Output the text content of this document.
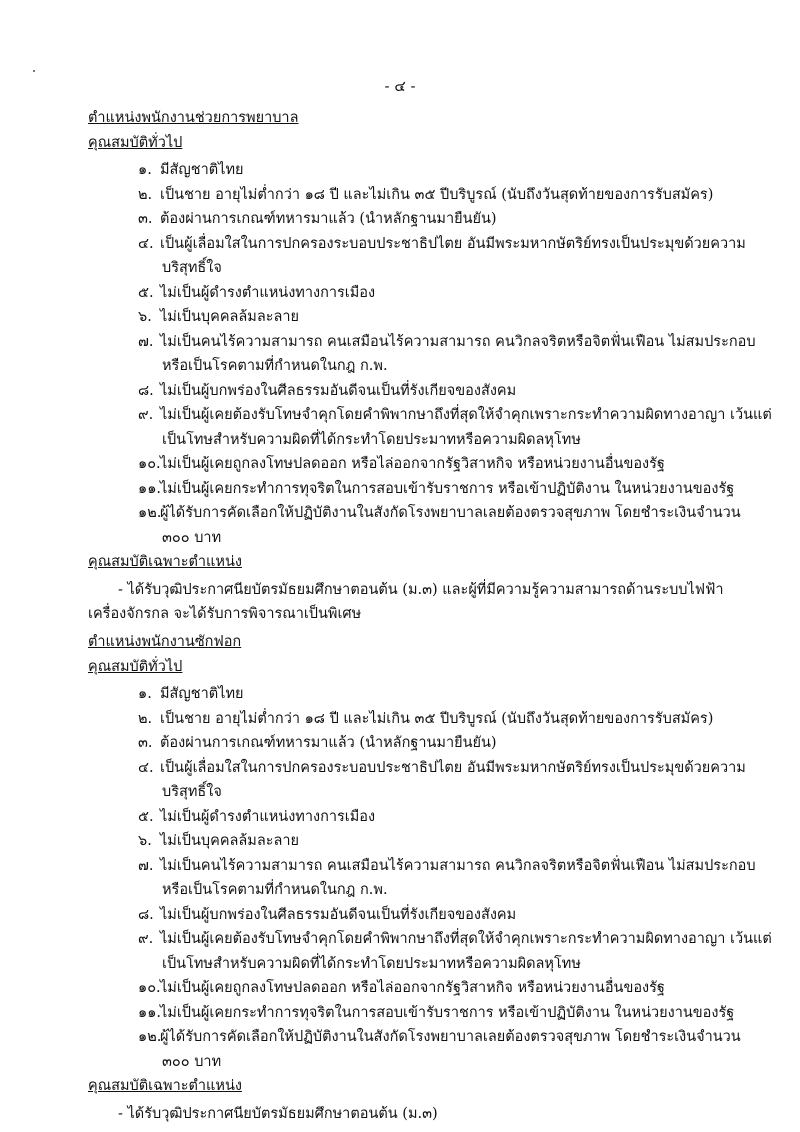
- ๔ -
ตำแหน่งพนักงานช่วยการพยาบาล
คุณสมบัติทั่วไป
๑. มีสัญชาติไทย
๒. เป็นชาย อายุไม่ต่ำกว่า ๑๘ ปี และไม่เกิน ๓๕ ปีบริบูรณ์ (นับถึงวันสุดท้ายของการรับสมัคร)
๓. ต้องผ่านการเกณฑ์ทหารมาแล้ว (นำหลักฐานมายืนยัน)
๔. เป็นผู้เลื่อมใสในการปกครองระบอบประชาธิปไตย อันมีพระมหากษัตริย์ทรงเป็นประมุขด้วยความ
บริสุทธิ์ใจ
๕. ไม่เป็นผู้ดำรงตำแหน่งทางการเมือง
๖. ไม่เป็นบุคคลล้มละลาย
๗. ไม่เป็นคนไร้ความสามารถ คนเสมือนไร้ความสามารถ คนวิกลจริตหรือจิตฟั่นเฟือน ไม่สมประกอบ
หรือเป็นโรคตามที่กำหนดในกฎ ก.พ.
๘. ไม่เป็นผู้บกพร่องในศีลธรรมอันดีจนเป็นที่รังเกียจของสังคม
๙. ไม่เป็นผู้เคยต้องรับโทษจำคุกโดยคำพิพากษาถึงที่สุดให้จำคุกเพราะกระทำความผิดทางอาญา เว้นแต่
เป็นโทษสำหรับความผิดที่ได้กระทำโดยประมาทหรือความผิดลหุโทษ
๑๐.ไม่เป็นผู้เคยถูกลงโทษปลดออก หรือไล่ออกจากรัฐวิสาหกิจ หรือหน่วยงานอื่นของรัฐ
๑๑.ไม่เป็นผู้เคยกระทำการทุจริตในการสอบเข้ารับราชการ หรือเข้าปฏิบัติงาน ในหน่วยงานของรัฐ
๑๒.ผู้ได้รับการคัดเลือกให้ปฏิบัติงานในสังกัดโรงพยาบาลเลยต้องตรวจสุขภาพ โดยชำระเงินจำนวน
๓๐๐ บาท
คุณสมบัติเฉพาะตำแหน่ง
- ได้รับวุฒิประกาศนียบัตรมัธยมศึกษาตอนต้น (ม.๓) และผู้ที่มีความรู้ความสามารถด้านระบบไฟฟ้า
เครื่องจักรกล จะได้รับการพิจารณาเป็นพิเศษ
ตำแหน่งพนักงานซักฟอก
คุณสมบัติทั่วไป
๑. มีสัญชาติไทย
๒. เป็นชาย อายุไม่ต่ำกว่า ๑๘ ปี และไม่เกิน ๓๕ ปีบริบูรณ์ (นับถึงวันสุดท้ายของการรับสมัคร)
๓. ต้องผ่านการเกณฑ์ทหารมาแล้ว (นำหลักฐานมายืนยัน)
๔. เป็นผู้เลื่อมใสในการปกครองระบอบประชาธิปไตย อันมีพระมหากษัตริย์ทรงเป็นประมุขด้วยความ
บริสุทธิ์ใจ
๕. ไม่เป็นผู้ดำรงตำแหน่งทางการเมือง
๖. ไม่เป็นบุคคลล้มละลาย
๗. ไม่เป็นคนไร้ความสามารถ คนเสมือนไร้ความสามารถ คนวิกลจริตหรือจิตฟั่นเฟือน ไม่สมประกอบ
หรือเป็นโรคตามที่กำหนดในกฎ ก.พ.
๘. ไม่เป็นผู้บกพร่องในศีลธรรมอันดีจนเป็นที่รังเกียจของสังคม
๙. ไม่เป็นผู้เคยต้องรับโทษจำคุกโดยคำพิพากษาถึงที่สุดให้จำคุกเพราะกระทำความผิดทางอาญา เว้นแต่
เป็นโทษสำหรับความผิดที่ได้กระทำโดยประมาทหรือความผิดลหุโทษ
๑๐.ไม่เป็นผู้เคยถูกลงโทษปลดออก หรือไล่ออกจากรัฐวิสาหกิจ หรือหน่วยงานอื่นของรัฐ
๑๑.ไม่เป็นผู้เคยกระทำการทุจริตในการสอบเข้ารับราชการ หรือเข้าปฏิบัติงาน ในหน่วยงานของรัฐ
๑๒.ผู้ได้รับการคัดเลือกให้ปฏิบัติงานในสังกัดโรงพยาบาลเลยต้องตรวจสุขภาพ โดยชำระเงินจำนวน
๓๐๐ บาท
คุณสมบัติเฉพาะตำแหน่ง
- ได้รับวุฒิประกาศนียบัตรมัธยมศึกษาตอนต้น (ม.๓)
